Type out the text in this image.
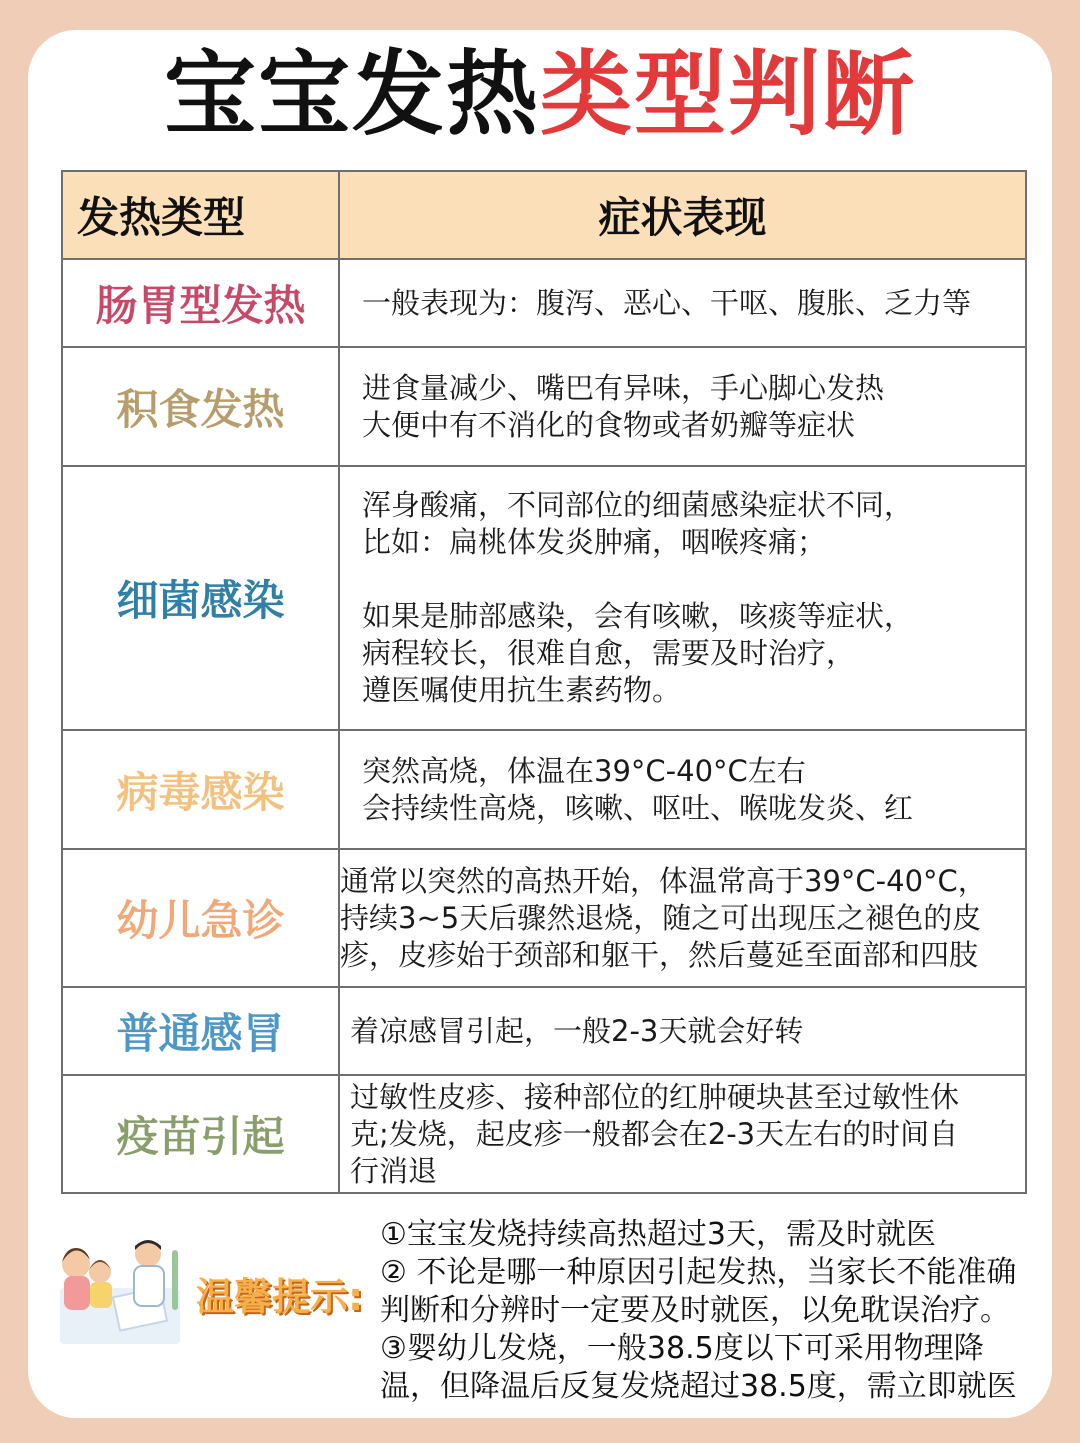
宝宝发热类型判断
发热类型	症状表现
肠胃型发热	一般表现为：腹泻、恶心、干呕、腹胀、乏力等

积食发热	进食量减少、嘴巴有异味，手心脚心发热
大便中有不消化的食物或者奶瓣等症状

细菌感染	浑身酸痛，不同部位的细菌感染症状不同，
比如：扁桃体发炎肿痛，咽喉疼痛；

如果是肺部感染，会有咳嗽，咳痰等症状，
病程较长，很难自愈，需要及时治疗，
遵医嘱使用抗生素药物。

病毒感染	突然高烧，体温在39°C-40°C左右
会持续性高烧，咳嗽、呕吐、喉咙发炎、红

幼儿急诊	通常以突然的高热开始，体温常高于39°C-40°C，
持续3~5天后骤然退烧，随之可出现压之褪色的皮
疹，皮疹始于颈部和躯干，然后蔓延至面部和四肢

普通感冒	着凉感冒引起，一般2-3天就会好转

疫苗引起	过敏性皮疹、接种部位的红肿硬块甚至过敏性休
克;发烧，起皮疹一般都会在2-3天左右的时间自
行消退
温馨提示:
①宝宝发烧持续高热超过3天，需及时就医
② 不论是哪一种原因引起发热，当家长不能准确
判断和分辨时一定要及时就医，以免耽误治疗。
③婴幼儿发烧，一般38.5度以下可采用物理降
温，但降温后反复发烧超过38.5度，需立即就医
